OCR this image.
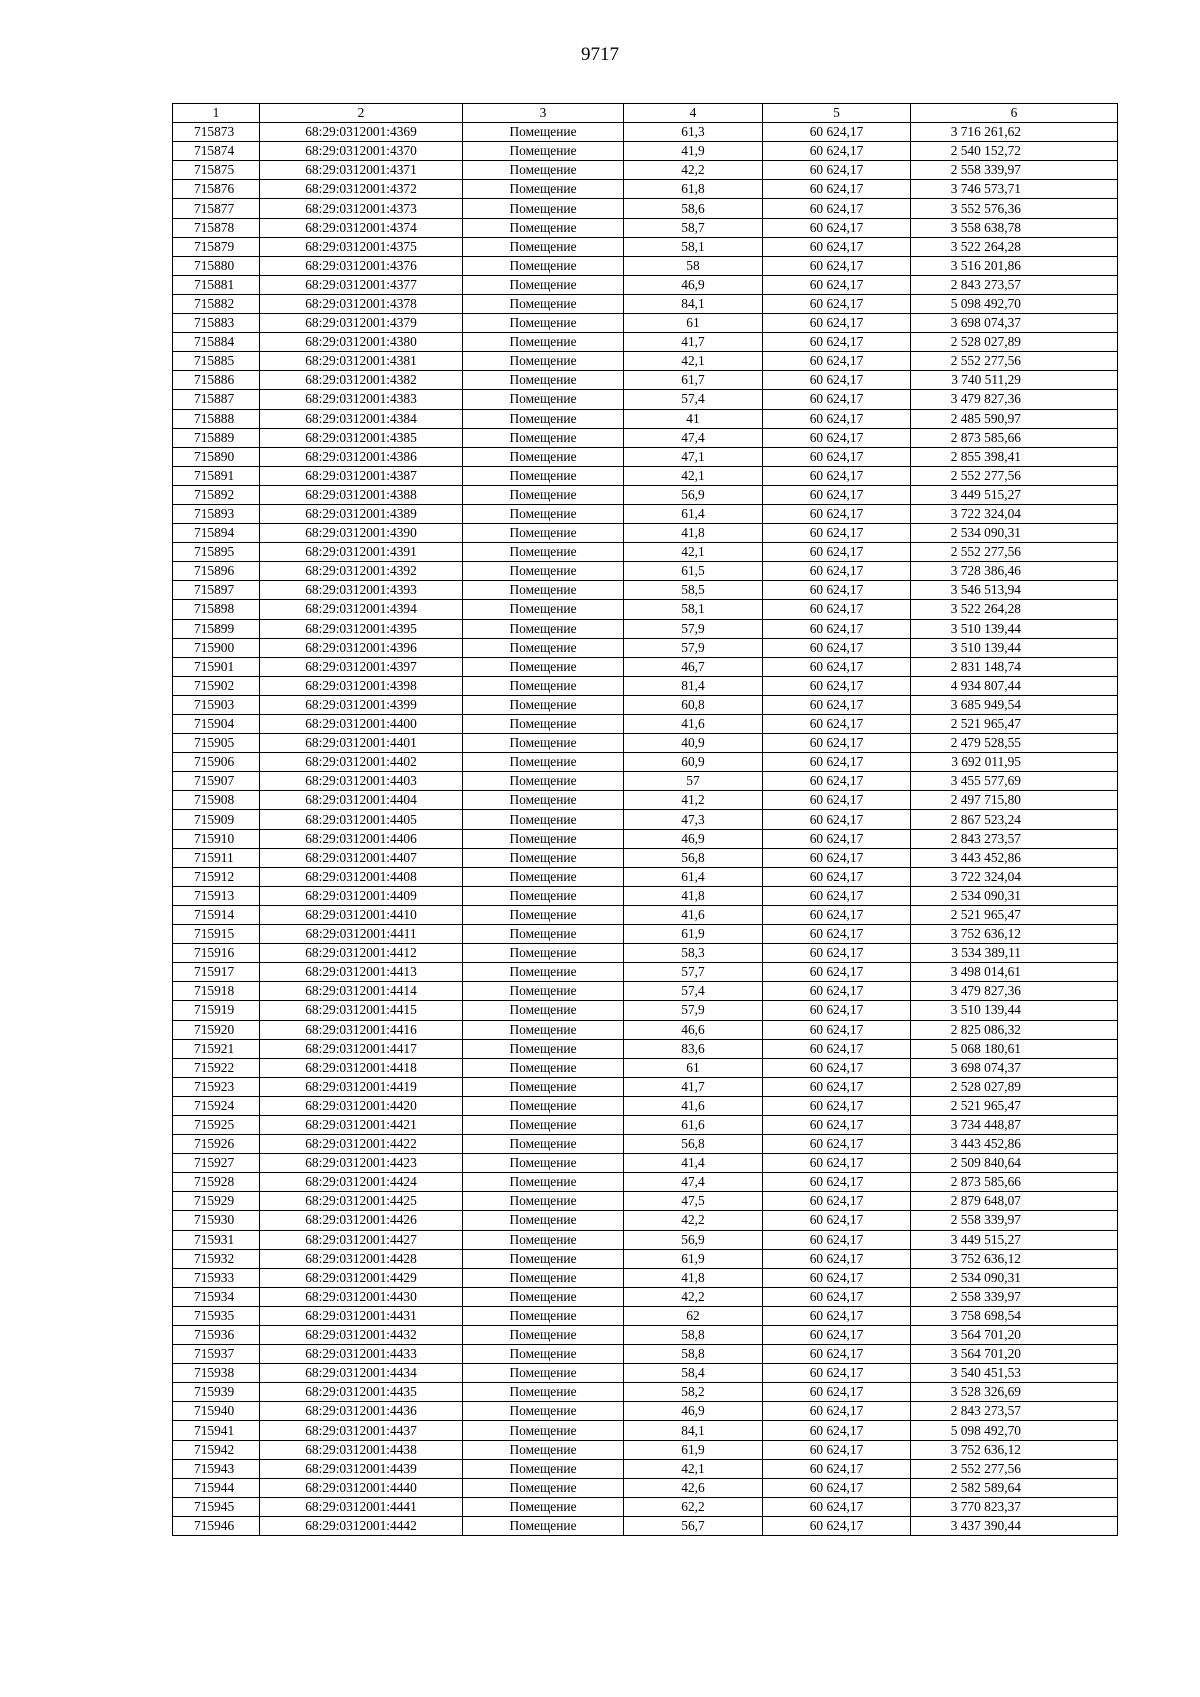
9717
1	2	3	4	5	6
715873	68:29:0312001:4369	Помещение	61,3	60 624,17	3 716 261,62
715874	68:29:0312001:4370	Помещение	41,9	60 624,17	2 540 152,72
715875	68:29:0312001:4371	Помещение	42,2	60 624,17	2 558 339,97
715876	68:29:0312001:4372	Помещение	61,8	60 624,17	3 746 573,71
715877	68:29:0312001:4373	Помещение	58,6	60 624,17	3 552 576,36
715878	68:29:0312001:4374	Помещение	58,7	60 624,17	3 558 638,78
715879	68:29:0312001:4375	Помещение	58,1	60 624,17	3 522 264,28
715880	68:29:0312001:4376	Помещение	58	60 624,17	3 516 201,86
715881	68:29:0312001:4377	Помещение	46,9	60 624,17	2 843 273,57
715882	68:29:0312001:4378	Помещение	84,1	60 624,17	5 098 492,70
715883	68:29:0312001:4379	Помещение	61	60 624,17	3 698 074,37
715884	68:29:0312001:4380	Помещение	41,7	60 624,17	2 528 027,89
715885	68:29:0312001:4381	Помещение	42,1	60 624,17	2 552 277,56
715886	68:29:0312001:4382	Помещение	61,7	60 624,17	3 740 511,29
715887	68:29:0312001:4383	Помещение	57,4	60 624,17	3 479 827,36
715888	68:29:0312001:4384	Помещение	41	60 624,17	2 485 590,97
715889	68:29:0312001:4385	Помещение	47,4	60 624,17	2 873 585,66
715890	68:29:0312001:4386	Помещение	47,1	60 624,17	2 855 398,41
715891	68:29:0312001:4387	Помещение	42,1	60 624,17	2 552 277,56
715892	68:29:0312001:4388	Помещение	56,9	60 624,17	3 449 515,27
715893	68:29:0312001:4389	Помещение	61,4	60 624,17	3 722 324,04
715894	68:29:0312001:4390	Помещение	41,8	60 624,17	2 534 090,31
715895	68:29:0312001:4391	Помещение	42,1	60 624,17	2 552 277,56
715896	68:29:0312001:4392	Помещение	61,5	60 624,17	3 728 386,46
715897	68:29:0312001:4393	Помещение	58,5	60 624,17	3 546 513,94
715898	68:29:0312001:4394	Помещение	58,1	60 624,17	3 522 264,28
715899	68:29:0312001:4395	Помещение	57,9	60 624,17	3 510 139,44
715900	68:29:0312001:4396	Помещение	57,9	60 624,17	3 510 139,44
715901	68:29:0312001:4397	Помещение	46,7	60 624,17	2 831 148,74
715902	68:29:0312001:4398	Помещение	81,4	60 624,17	4 934 807,44
715903	68:29:0312001:4399	Помещение	60,8	60 624,17	3 685 949,54
715904	68:29:0312001:4400	Помещение	41,6	60 624,17	2 521 965,47
715905	68:29:0312001:4401	Помещение	40,9	60 624,17	2 479 528,55
715906	68:29:0312001:4402	Помещение	60,9	60 624,17	3 692 011,95
715907	68:29:0312001:4403	Помещение	57	60 624,17	3 455 577,69
715908	68:29:0312001:4404	Помещение	41,2	60 624,17	2 497 715,80
715909	68:29:0312001:4405	Помещение	47,3	60 624,17	2 867 523,24
715910	68:29:0312001:4406	Помещение	46,9	60 624,17	2 843 273,57
715911	68:29:0312001:4407	Помещение	56,8	60 624,17	3 443 452,86
715912	68:29:0312001:4408	Помещение	61,4	60 624,17	3 722 324,04
715913	68:29:0312001:4409	Помещение	41,8	60 624,17	2 534 090,31
715914	68:29:0312001:4410	Помещение	41,6	60 624,17	2 521 965,47
715915	68:29:0312001:4411	Помещение	61,9	60 624,17	3 752 636,12
715916	68:29:0312001:4412	Помещение	58,3	60 624,17	3 534 389,11
715917	68:29:0312001:4413	Помещение	57,7	60 624,17	3 498 014,61
715918	68:29:0312001:4414	Помещение	57,4	60 624,17	3 479 827,36
715919	68:29:0312001:4415	Помещение	57,9	60 624,17	3 510 139,44
715920	68:29:0312001:4416	Помещение	46,6	60 624,17	2 825 086,32
715921	68:29:0312001:4417	Помещение	83,6	60 624,17	5 068 180,61
715922	68:29:0312001:4418	Помещение	61	60 624,17	3 698 074,37
715923	68:29:0312001:4419	Помещение	41,7	60 624,17	2 528 027,89
715924	68:29:0312001:4420	Помещение	41,6	60 624,17	2 521 965,47
715925	68:29:0312001:4421	Помещение	61,6	60 624,17	3 734 448,87
715926	68:29:0312001:4422	Помещение	56,8	60 624,17	3 443 452,86
715927	68:29:0312001:4423	Помещение	41,4	60 624,17	2 509 840,64
715928	68:29:0312001:4424	Помещение	47,4	60 624,17	2 873 585,66
715929	68:29:0312001:4425	Помещение	47,5	60 624,17	2 879 648,07
715930	68:29:0312001:4426	Помещение	42,2	60 624,17	2 558 339,97
715931	68:29:0312001:4427	Помещение	56,9	60 624,17	3 449 515,27
715932	68:29:0312001:4428	Помещение	61,9	60 624,17	3 752 636,12
715933	68:29:0312001:4429	Помещение	41,8	60 624,17	2 534 090,31
715934	68:29:0312001:4430	Помещение	42,2	60 624,17	2 558 339,97
715935	68:29:0312001:4431	Помещение	62	60 624,17	3 758 698,54
715936	68:29:0312001:4432	Помещение	58,8	60 624,17	3 564 701,20
715937	68:29:0312001:4433	Помещение	58,8	60 624,17	3 564 701,20
715938	68:29:0312001:4434	Помещение	58,4	60 624,17	3 540 451,53
715939	68:29:0312001:4435	Помещение	58,2	60 624,17	3 528 326,69
715940	68:29:0312001:4436	Помещение	46,9	60 624,17	2 843 273,57
715941	68:29:0312001:4437	Помещение	84,1	60 624,17	5 098 492,70
715942	68:29:0312001:4438	Помещение	61,9	60 624,17	3 752 636,12
715943	68:29:0312001:4439	Помещение	42,1	60 624,17	2 552 277,56
715944	68:29:0312001:4440	Помещение	42,6	60 624,17	2 582 589,64
715945	68:29:0312001:4441	Помещение	62,2	60 624,17	3 770 823,37
715946	68:29:0312001:4442	Помещение	56,7	60 624,17	3 437 390,44
